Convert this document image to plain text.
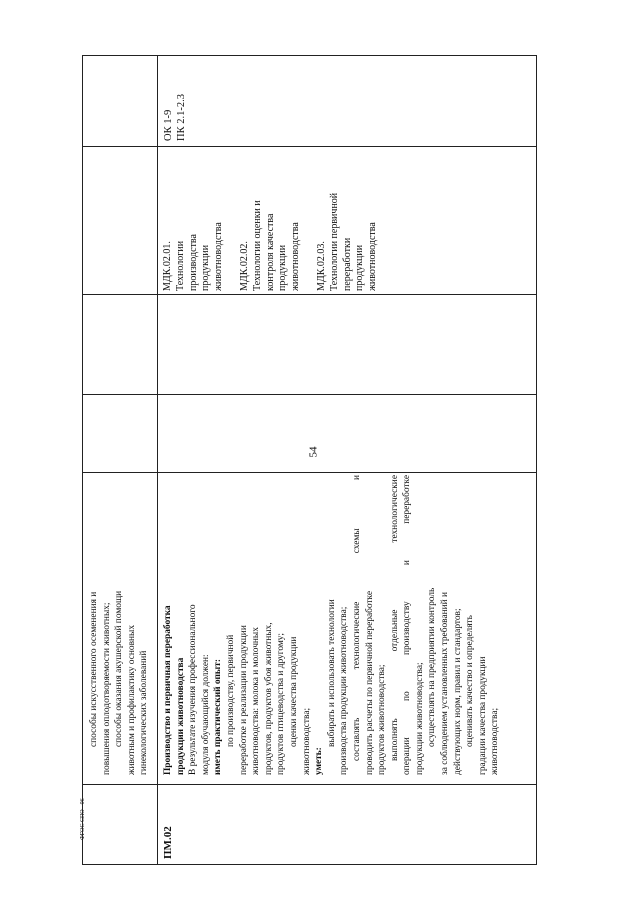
54
ФГОС СПО - 06
способы искусственного осеменения и повышения оплодотворяемости животных; способы оказания акушерской помощи животным и профилактику основных гинекологических заболеваний
ПМ.02
Производство и первичная переработка продукции животноводства В результате изучения профессионального модуля обучающийся должен: иметь практический опыт: по производству, первичной переработке и реализации продукции животноводства: молока и молочных продуктов, продуктов убоя животных, продуктов птицеводства и другому; оценки качества продукции животноводства; уметь:
выбирать и использовать технологии производства продукции животноводства; составлять технологические схемы и проводить расчеты по первичной переработке продуктов животноводства; выполнять отдельные технологические операции по производству и переработке продукции животноводства; осуществлять на предприятии контроль за соблюдением установленных требований и действующих норм, правил и стандартов; оценивать качество и определять градации качества продукции животноводства;
МДК.02.01. Технологии производства продукции животноводства МДК.02.02. Технологии оценки и контроля качества продукции животноводства МДК.02.03. Технологии первичной переработки продукции животноводства
ОК 1-9 ПК 2.1-2.3
